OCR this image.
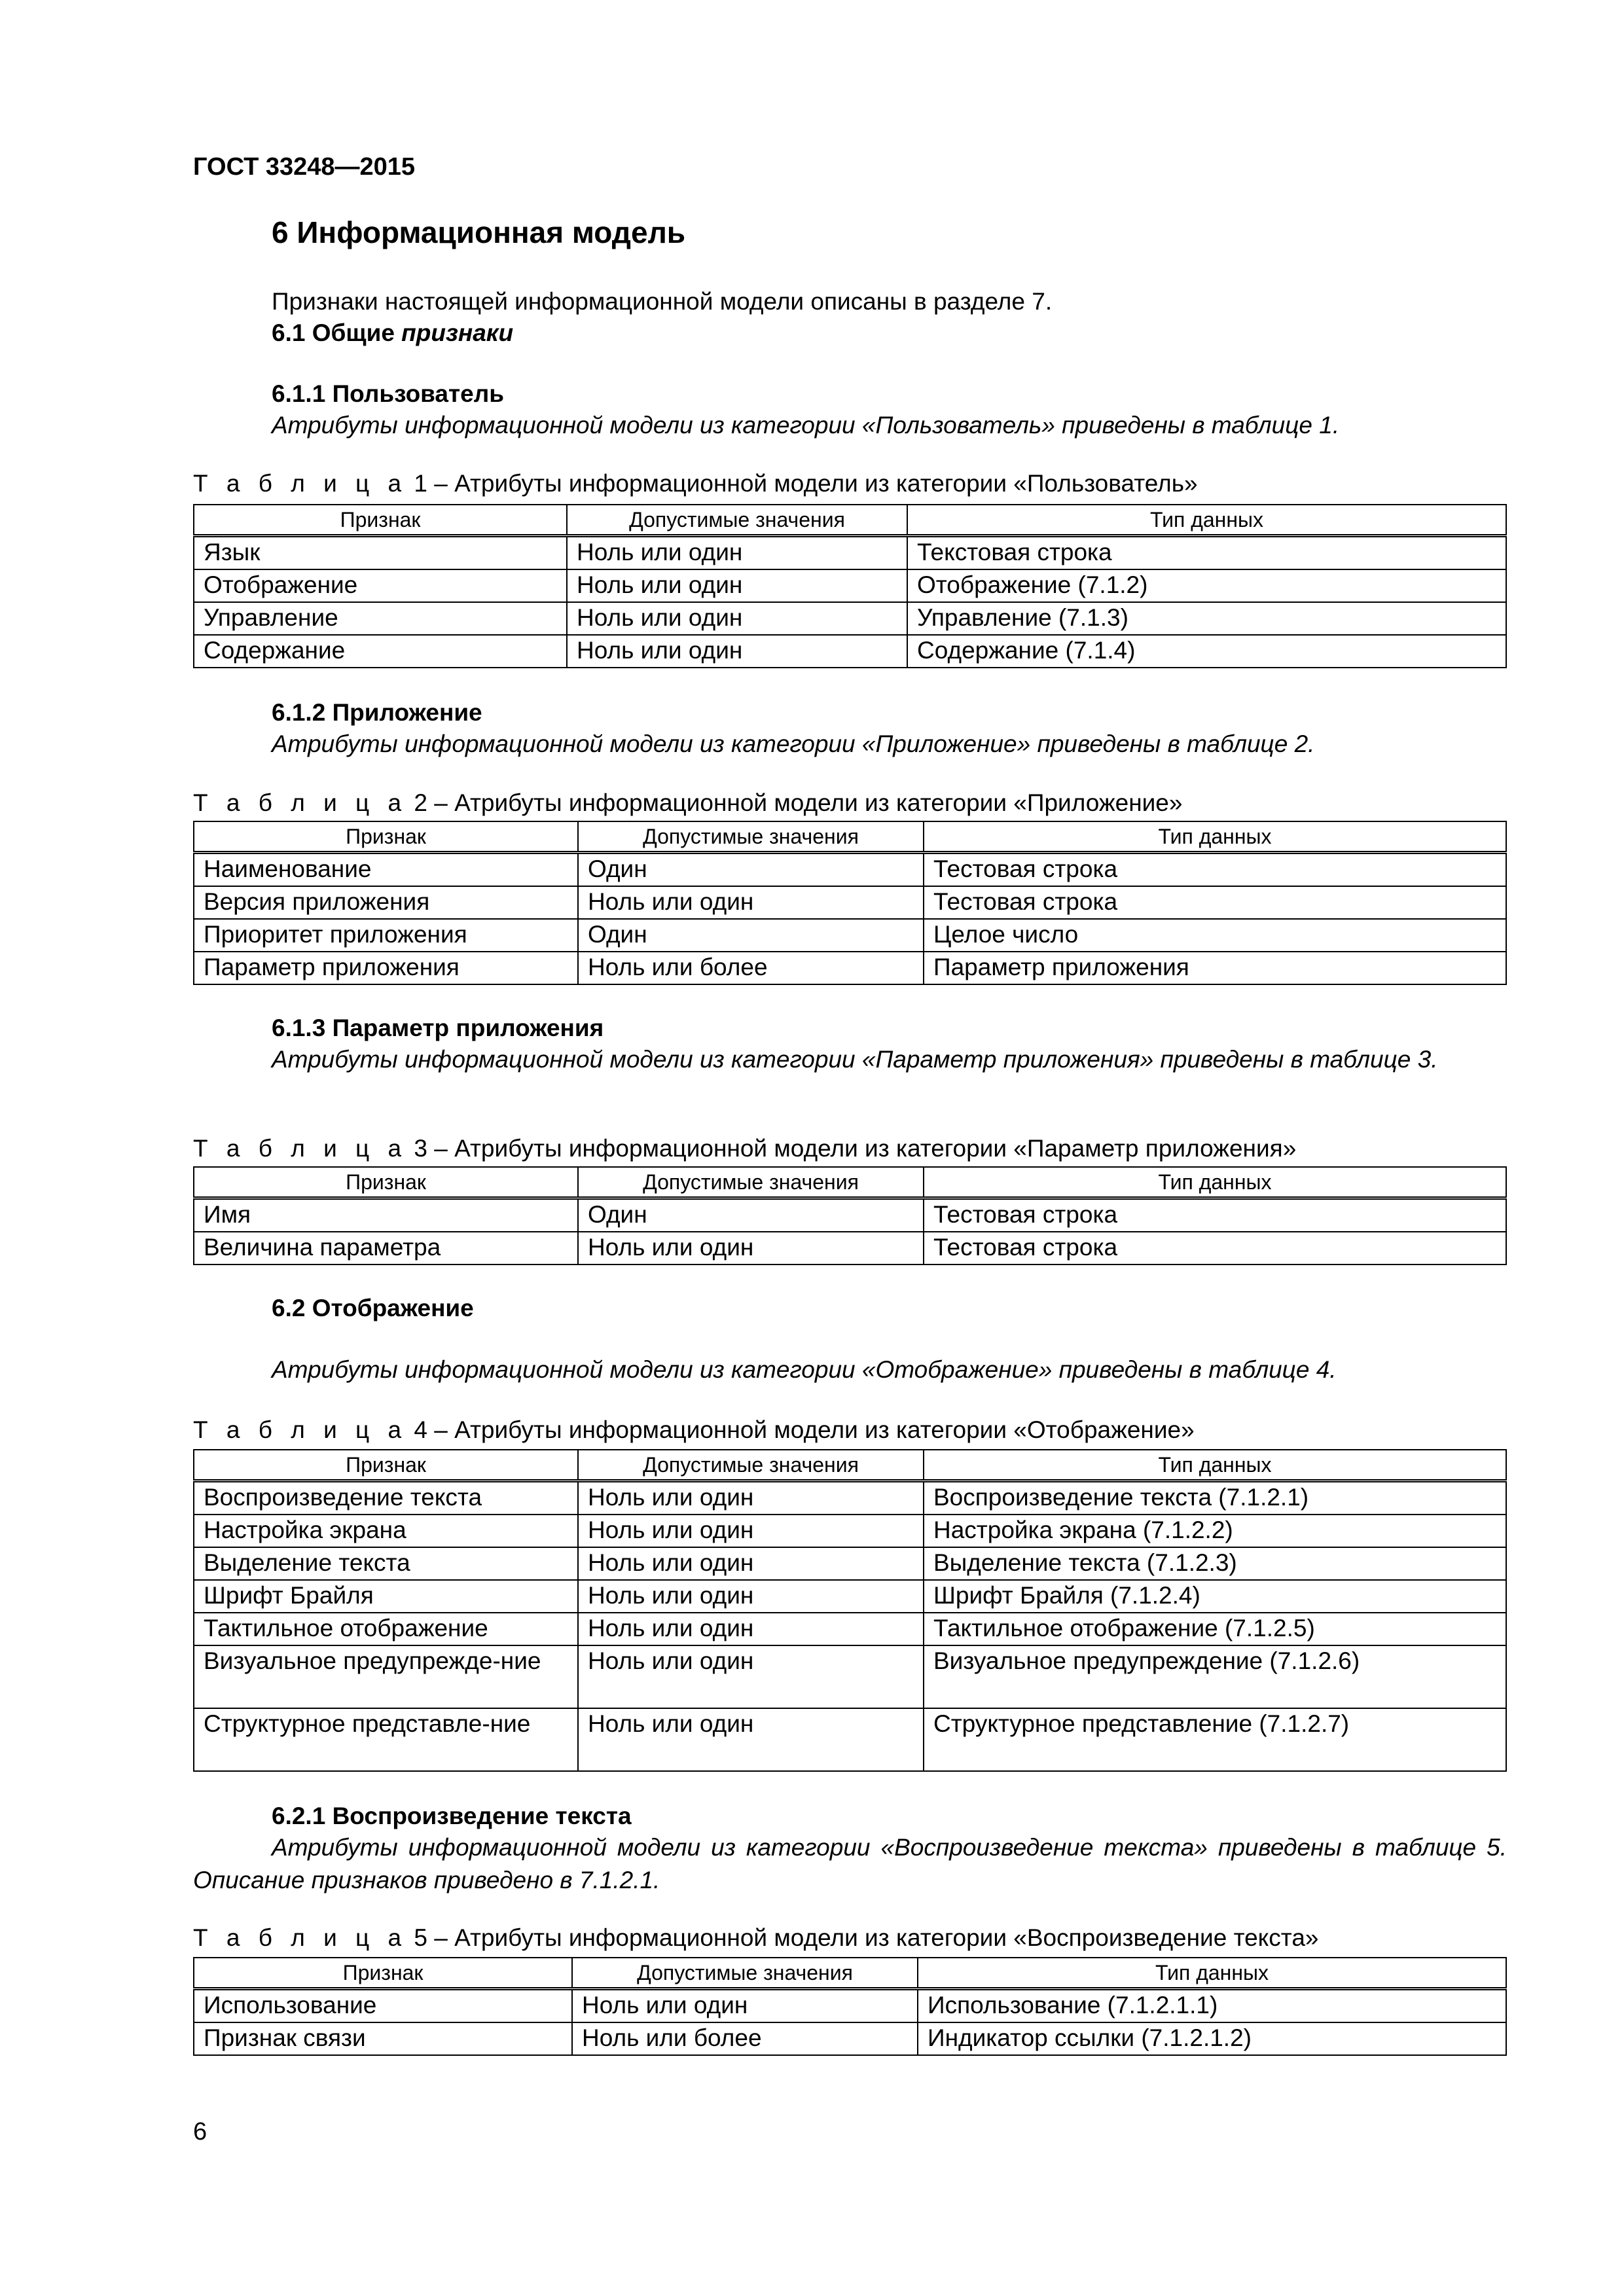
ГОСТ 33248—2015
6 Информационная модель
Признаки настоящей информационной модели описаны в разделе 7.
6.1 Общие признаки
6.1.1 Пользователь
Атрибуты информационной модели из категории «Пользователь» приведены в таблице 1.
Т а б л и ц а 1 – Атрибуты информационной модели из категории «Пользователь»
Признак	Допустимые значения	Тип данных
Язык	Ноль или один	Текстовая строка
Отображение	Ноль или один	Отображение (7.1.2)
Управление	Ноль или один	Управление (7.1.3)
Содержание	Ноль или один	Содержание (7.1.4)
6.1.2 Приложение
Атрибуты информационной модели из категории «Приложение» приведены в таблице 2.
Т а б л и ц а 2 – Атрибуты информационной модели из категории «Приложение»
Признак	Допустимые значения	Тип данных
Наименование	Один	Тестовая строка
Версия приложения	Ноль или один	Тестовая строка
Приоритет приложения	Один	Целое число
Параметр приложения	Ноль или более	Параметр приложения
6.1.3 Параметр приложения
Атрибуты информационной модели из категории «Параметр приложения» приведены в таблице 3.
Т а б л и ц а 3 – Атрибуты информационной модели из категории «Параметр приложения»
Признак	Допустимые значения	Тип данных
Имя	Один	Тестовая строка
Величина параметра	Ноль или один	Тестовая строка
6.2 Отображение
Атрибуты информационной модели из категории «Отображение» приведены в таблице 4.
Т а б л и ц а 4 – Атрибуты информационной модели из категории «Отображение»
Признак	Допустимые значения	Тип данных
Воспроизведение текста	Ноль или один	Воспроизведение текста (7.1.2.1)
Настройка экрана	Ноль или один	Настройка экрана (7.1.2.2)
Выделение текста	Ноль или один	Выделение текста (7.1.2.3)
Шрифт Брайля	Ноль или один	Шрифт Брайля (7.1.2.4)
Тактильное отображение	Ноль или один	Тактильное отображение (7.1.2.5)
Визуальное предупрежде-ние	Ноль или один	Визуальное предупреждение (7.1.2.6)
Структурное представле-ние	Ноль или один	Структурное представление (7.1.2.7)
6.2.1 Воспроизведение текста
Атрибуты информационной модели из категории «Воспроизведение текста» приведены в таблице 5. Описание признаков приведено в 7.1.2.1.
Т а б л и ц а 5 – Атрибуты информационной модели из категории «Воспроизведение текста»
Признак	Допустимые значения	Тип данных
Использование	Ноль или один	Использование (7.1.2.1.1)
Признак связи	Ноль или более	Индикатор ссылки (7.1.2.1.2)
6
